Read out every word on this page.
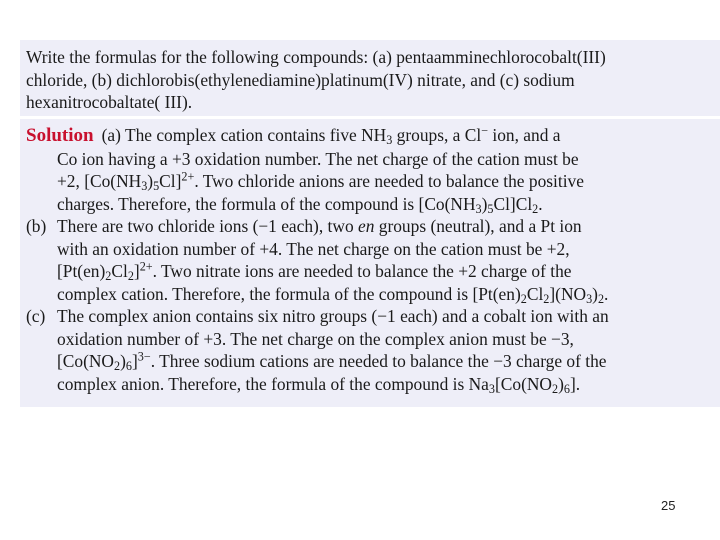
Write the formulas for the following compounds: (a) pentaamminechlorocobalt(III)
chloride, (b) dichlorobis(ethylenediamine)platinum(IV) nitrate, and (c) sodium
hexanitrocobaltate( III).
Solution (a) The complex cation contains five $NH_3$ groups, a Cl− ion, and a
Co ion having a +3 oxidation number. The net charge of the cation must be
+2, $[Co(NH_3)_5Cl]^{2+}$. Two chloride anions are needed to balance the positive
charges. Therefore, the formula of the compound is $[Co(NH_3)_5Cl]Cl_2$.
(b) There are two chloride ions (−1 each), two en groups (neutral), and a Pt ion
with an oxidation number of +4. The net charge on the cation must be +2,
$[Pt(en)_2Cl_2]^{2+}$. Two nitrate ions are needed to balance the +2 charge of the
complex cation. Therefore, the formula of the compound is $[Pt(en)_2Cl_2](NO_3)_2$.
(c) The complex anion contains six nitro groups (−1 each) and a cobalt ion with an
oxidation number of +3. The net charge on the complex anion must be −3,
$[Co(NO_2)_6]^{3-}$. Three sodium cations are needed to balance the −3 charge of the
complex anion. Therefore, the formula of the compound is $Na_3[Co(NO_2)_6]$.
25
